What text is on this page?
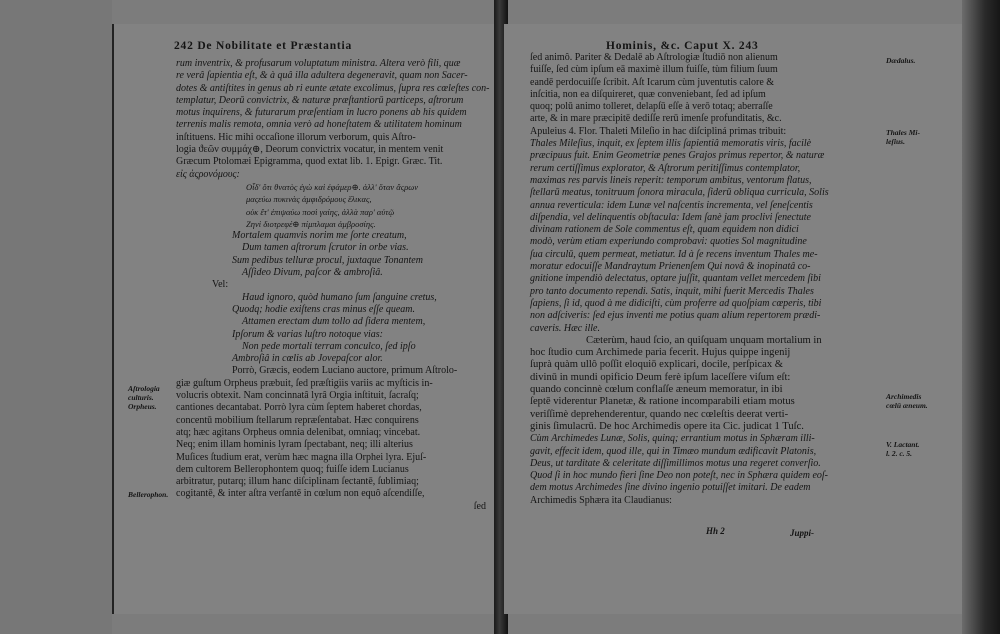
242 De Nobilitate et Præstantia
rum inventrix, & profusarum voluptatum ministra. Altera verò fili, quæ
re verâ ſapientia eſt, & à quâ illa adultera degeneravit, quam non Sacer-
dotes & antiſtites in genus ab ri eunte ætate excolimus, ſupra res cœleſtes con-
templatur, Deorū convictrix, & naturæ præſtantiorū particeps, aſtrorum
motus inquirens, & futurarum præſentiam in lucro ponens ab his quidem
terrenis malis remota, omnia verò ad honeſtatem & utilitatem hominum
inſtituens. Hic mihi occaſione illorum verborum, quis Aſtro-
logia ϑεῶν συμμάχ⊕, Deorum convictrix vocatur, in mentem venit
Græcum Ptolomæi Epigramma, quod extat lib. 1. Epigr. Græc. Tit.
εἰς ἀςρονόμους:
Οἶδ' ὅτι θνατὸς ἐγὼ καὶ ἐφάμερ⊕. ἀλλ' ὅταν ἄςρων
μαςεύω πυκινὰς ἀμφιδρόμους ἕλικας,
οὐκ ἔτ' ἐπιψαύω ποσὶ γαίης, ἀλλὰ παρ' αὐτῷ
Ζηνὶ διοτρεφέ⊕ πίμπλαμαι ἀμβροσίης.
Mortalem quamvis norim me ſorte creatum,
Dum tamen aſtrorum ſcrutor in orbe vias.
Sum pedibus telluræ procul, juxtaque Tonantem
Aſſideo Divum, paſcor & ambroſiâ.
Vel:
Haud ignoro, quòd humano ſum ſanguine cretus,
Quodq; hodie exiſtens cras minus eſſe queam.
Attamen erectam dum tollo ad ſidera mentem,
Ipſorum & varias luſtro notoque vias:
Non pede mortali terram conculco, ſed ipſo
Ambroſiâ in cœlis ab Jovepaſcor alor.
Porrò, Græcis, eodem Luciano auctore, primum Aſtrolo-
giæ guſtum Orpheus præbuit, ſed præſtigiis variis ac myſticis in-
volucris obtexit. Nam concinnatâ lyrâ Orgia inſtituit, ſacraſq;
cantiones decantabat. Porrò lyra cùm ſeptem haberet chordas,
concentū mobilium ſtellarum repræſentabat. Hæc conquirens
atq; hæc agitans Orpheus omnia delenibat, omniaq; vincebat.
Neq; enim illam hominis lyram ſpectabant, neq; illi alterius
Muſices ſtudium erat, verùm hæc magna illa Orphei lyra. Ejuſ-
dem cultorem Bellerophontem quoq; fuiſſe idem Lucianus
arbitratur, putarq; illum hanc diſciplinam ſectantē, ſublimiaq;
cogitantē, & inter aſtra verſantē in cœlum non equô aſcendiſſe,
ſed
Aſtrologia
culturis.
Orpheus.
Bellerophon.
Hominis, &c. Caput X. 243
ſed animô. Pariter & Dedalē ab Aſtrologiæ ſtudiō non alienum
fuiſſe, ſed cùm ipſum eā maximè illum fuiſſe, tùm filium ſuum
eandē perdocuiſſe ſcribit. Aſt Icarum cùm juventutis calore &
inſcitia, non ea diſquireret, quæ conveniebant, ſed ad ipſum
quoq; polū animo tolleret, delapſū eſſe à verō totaq; aberraſſe
arte, & in mare præcipitē dediſſe rerū imenſe profunditatis, &c.
Apuleius 4. Flor. Thaleti Mileſio in hac diſcipliná primas tribuit:
Thales Mileſius, inquit, ex ſeptem illis ſapientiâ memoratis viris, facilè
præcipuus fuit. Enim Geometriæ penes Grajos primus repertor, & naturæ
rerum certiſſimus explorator, & Aſtrorum peritiſſimus contemplator,
maximas res parvis lineis reperit: temporum ambitus, ventorum flatus,
ſtellarū meatus, tonitruum ſonora miracula, ſiderū obliqua curricula, Solis
annua reverticula: idem Lunæ vel naſcentis incrementa, vel ſeneſcentis
diſpendia, vel delinquentis obſtacula: Idem ſanè jam proclivi ſenectute
divinam rationem de Sole commentus eſt, quam equidem non didici
modò, verùm etiam experiundo comprobavi: quoties Sol magnitudine
ſua circulū, quem permeat, metiatur. Id à ſe recens inventum Thales me-
moratur edocuiſſe Mandraytum Prienenſem Qui novâ & inopinatâ co-
gnitione impendiò delectatus, optare juſſit, quantam vellet mercedem ſibi
pro tanto documento rependi. Satis, inquit, mihi fuerit Mercedis Thales
ſapiens, ſi id, quod à me didiciſti, cùm proferre ad quoſpiam cœperis, tibi
non adſciveris: ſed ejus inventi me potius quam alium repertorem prædi-
caveris. Hæc ille.
Cæterùm, haud ſcio, an quiſquam unquam mortalium in
hoc ſtudio cum Archimede paria fecerit. Hujus quippe ingenij
ſuprà quàm ullô poſſit eloquiō explicari, docile, perſpicax &
divinū in mundi opificio Deum ferè ipſum laceſſere viſum eſt:
quando concinnè cœlum conflaſſe æneum memoratur, in ibi
ſeptē viderentur Planetæ, & ratione incomparabili etiam motus
veriſſimè deprehenderentur, quando nec cœleſtis deerat verti-
ginis ſimulacrū. De hoc Archimedis opere ita Cic. judicat 1 Tuſc.
Cùm Archimedes Lunæ, Solis, quinq; errantium motus in Sphæram illi-
gavit, effecit idem, quod ille, qui in Timæo mundum ædificavit Platonis,
Deus, ut tarditate & celeritate diſſimillimos motus una regeret converſio.
Quod ſi in hoc mundo fieri ſine Deo non poteſt, nec in Sphæra quidem eoſ-
dem motus Archimedes ſine divino ingenio potuiſſet imitari. De eadem
Archimedis Sphæra ita Claudianus:
Dædalus.
Thales Mi-
leſius.
Archimedis
cœlū æneum.
V. Lactant.
l. 2. c. 5.
Hh 2	Juppi-
